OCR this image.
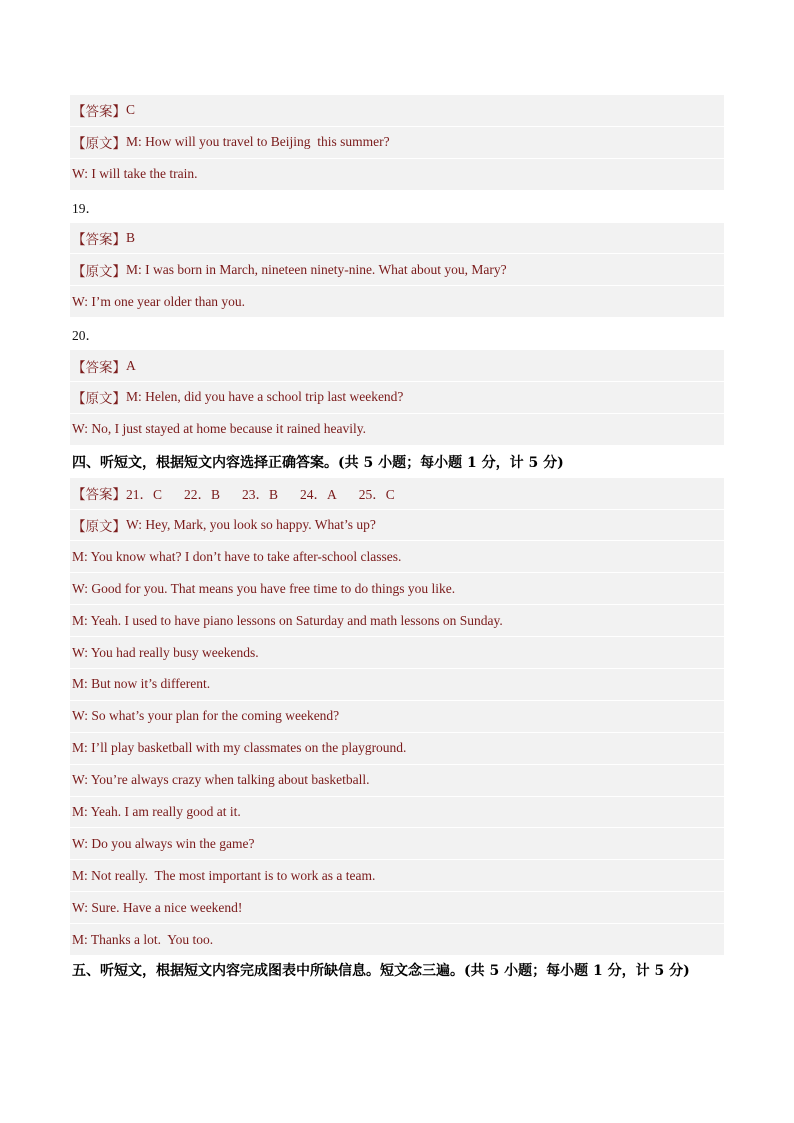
【答案】 C
【原文】 M: How will you travel to Beijing  this summer?
W: I will take the train.
19．
【答案】 B
【原文】 M: I was born in March, nineteen ninety-nine. What about you, Mary?
W: I’m one year older than you.
20．
【答案】 A
【原文】 M: Helen, did you have a school trip last weekend?
W: No, I just stayed at home because it rained heavily.
四、听短文，根据短文内容选择正确答案。(共 5 小题；每小题 1 分，计 5 分)
【答案】 21．C 22．B 23．B 24．A 25．C
【原文】 W: Hey, Mark, you look so happy. What’s up?
M: You know what? I don’t have to take after-school classes.
W: Good for you. That means you have free time to do things you like.
M: Yeah. I used to have piano lessons on Saturday and math lessons on Sunday.
W: You had really busy weekends.
M: But now it’s different.
W: So what’s your plan for the coming weekend?
M: I’ll play basketball with my classmates on the playground.
W: You’re always crazy when talking about basketball.
M: Yeah. I am really good at it.
W: Do you always win the game?
M: Not really.  The most important is to work as a team.
W: Sure. Have a nice weekend!
M: Thanks a lot.  You too.
五、听短文，根据短文内容完成图表中所缺信息。短文念三遍。(共 5 小题；每小题 1 分，计 5 分)
